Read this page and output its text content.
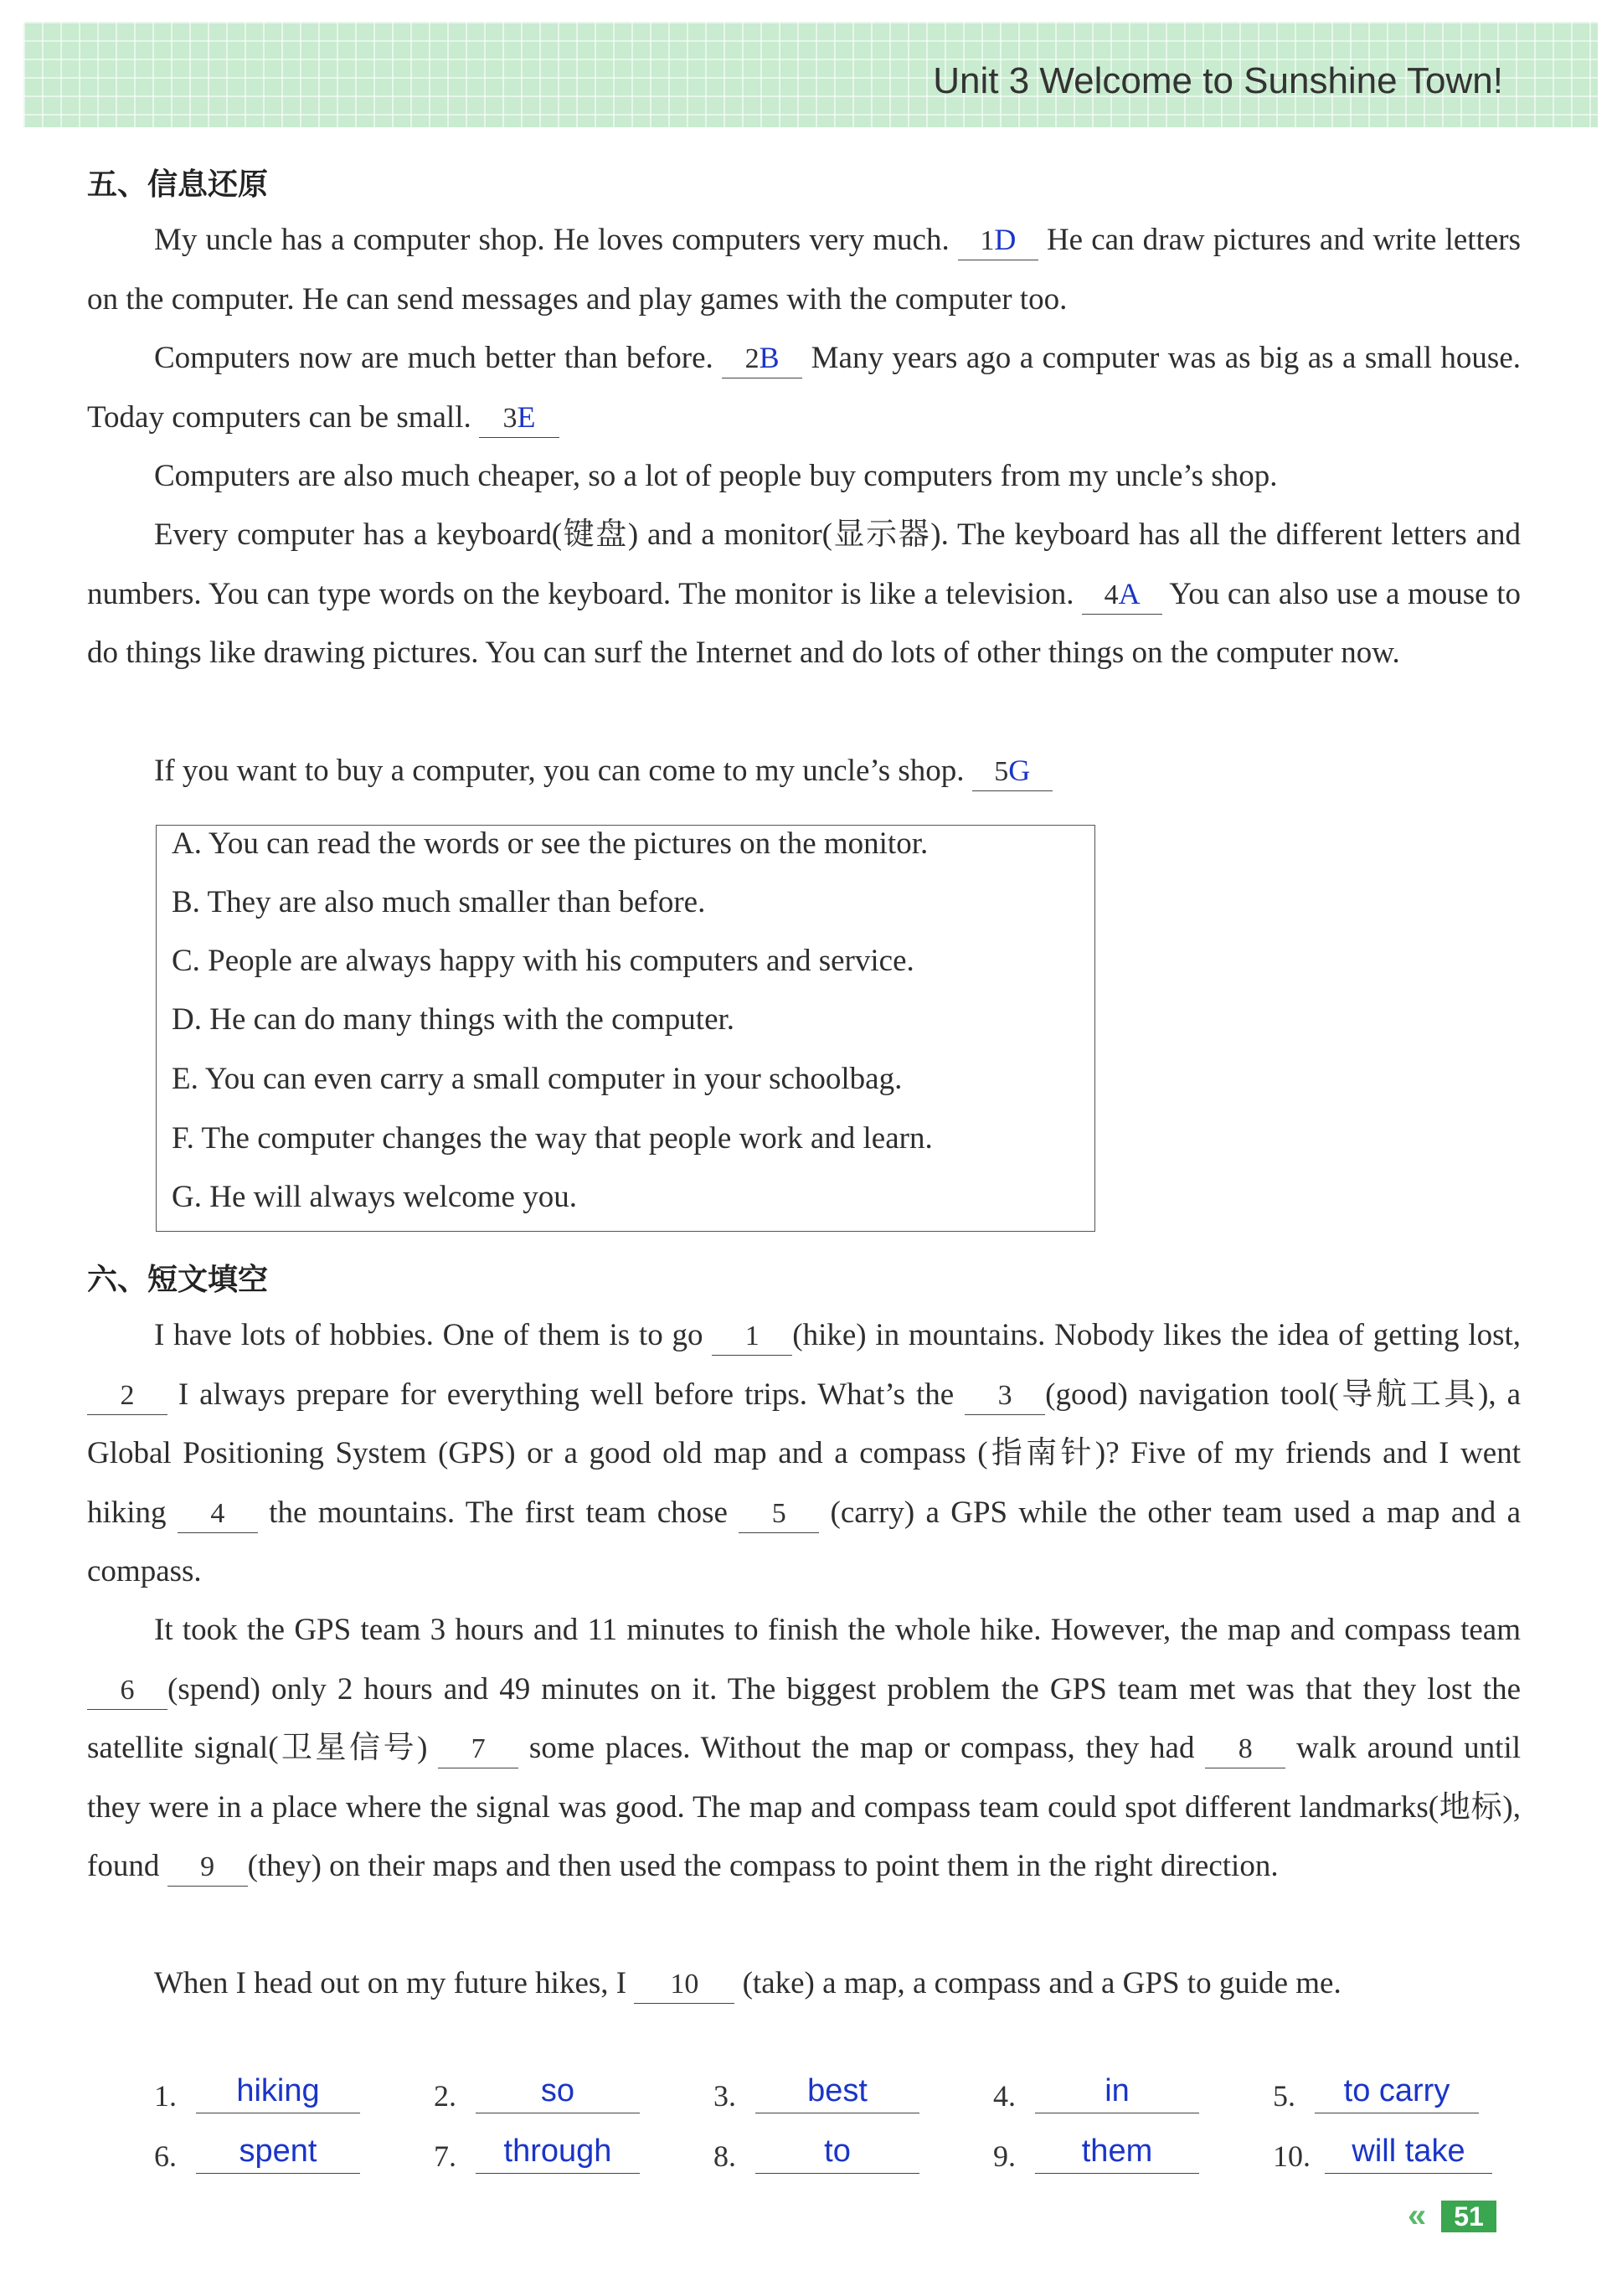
Unit 3 Welcome to Sunshine Town!
五、信息还原

My uncle has a computer shop. He loves computers very much. 1D He can draw pictures and write letters on the computer. He can send messages and play games with the computer too.

Computers now are much better than before. 2B Many years ago a computer was as big as a small house. Today computers can be small. 3E

Computers are also much cheaper, so a lot of people buy computers from my uncle’s shop.

Every computer has a keyboard(键盘) and a monitor(显示器). The keyboard has all the different letters and numbers. You can type words on the keyboard. The monitor is like a television. 4A You can also use a mouse to do things like drawing pictures. You can surf the Internet and do lots of other things on the computer now.

If you want to buy a computer, you can come to my uncle’s shop. 5G

A. You can read the words or see the pictures on the monitor.
B. They are also much smaller than before.
C. People are always happy with his computers and service.
D. He can do many things with the computer.
E. You can even carry a small computer in your schoolbag.
F. The computer changes the way that people work and learn.
G. He will always welcome you.
六、短文填空

I have lots of hobbies. One of them is to go 1 (hike) in mountains. Nobody likes the idea of getting lost, 2 I always prepare for everything well before trips. What’s the 3 (good) navigation tool(导航工具), a Global Positioning System (GPS) or a good old map and a compass (指南针)? Five of my friends and I went hiking 4 the mountains. The first team chose 5 (carry) a GPS while the other team used a map and a compass.

It took the GPS team 3 hours and 11 minutes to finish the whole hike. However, the map and compass team 6 (spend) only 2 hours and 49 minutes on it. The biggest problem the GPS team met was that they lost the satellite signal(卫星信号) 7 some places. Without the map or compass, they had 8 walk around until they were in a place where the signal was good. The map and compass team could spot different landmarks(地标), found 9 (they) on their maps and then used the compass to point them in the right direction.

When I head out on my future hikes, I 10 (take) a map, a compass and a GPS to guide me.

1.	hiking	2.	so	3.	best	4.	in	5.	to carry
6.	spent	7.	through	8.	to	9.	them	10.	will take
«	51
